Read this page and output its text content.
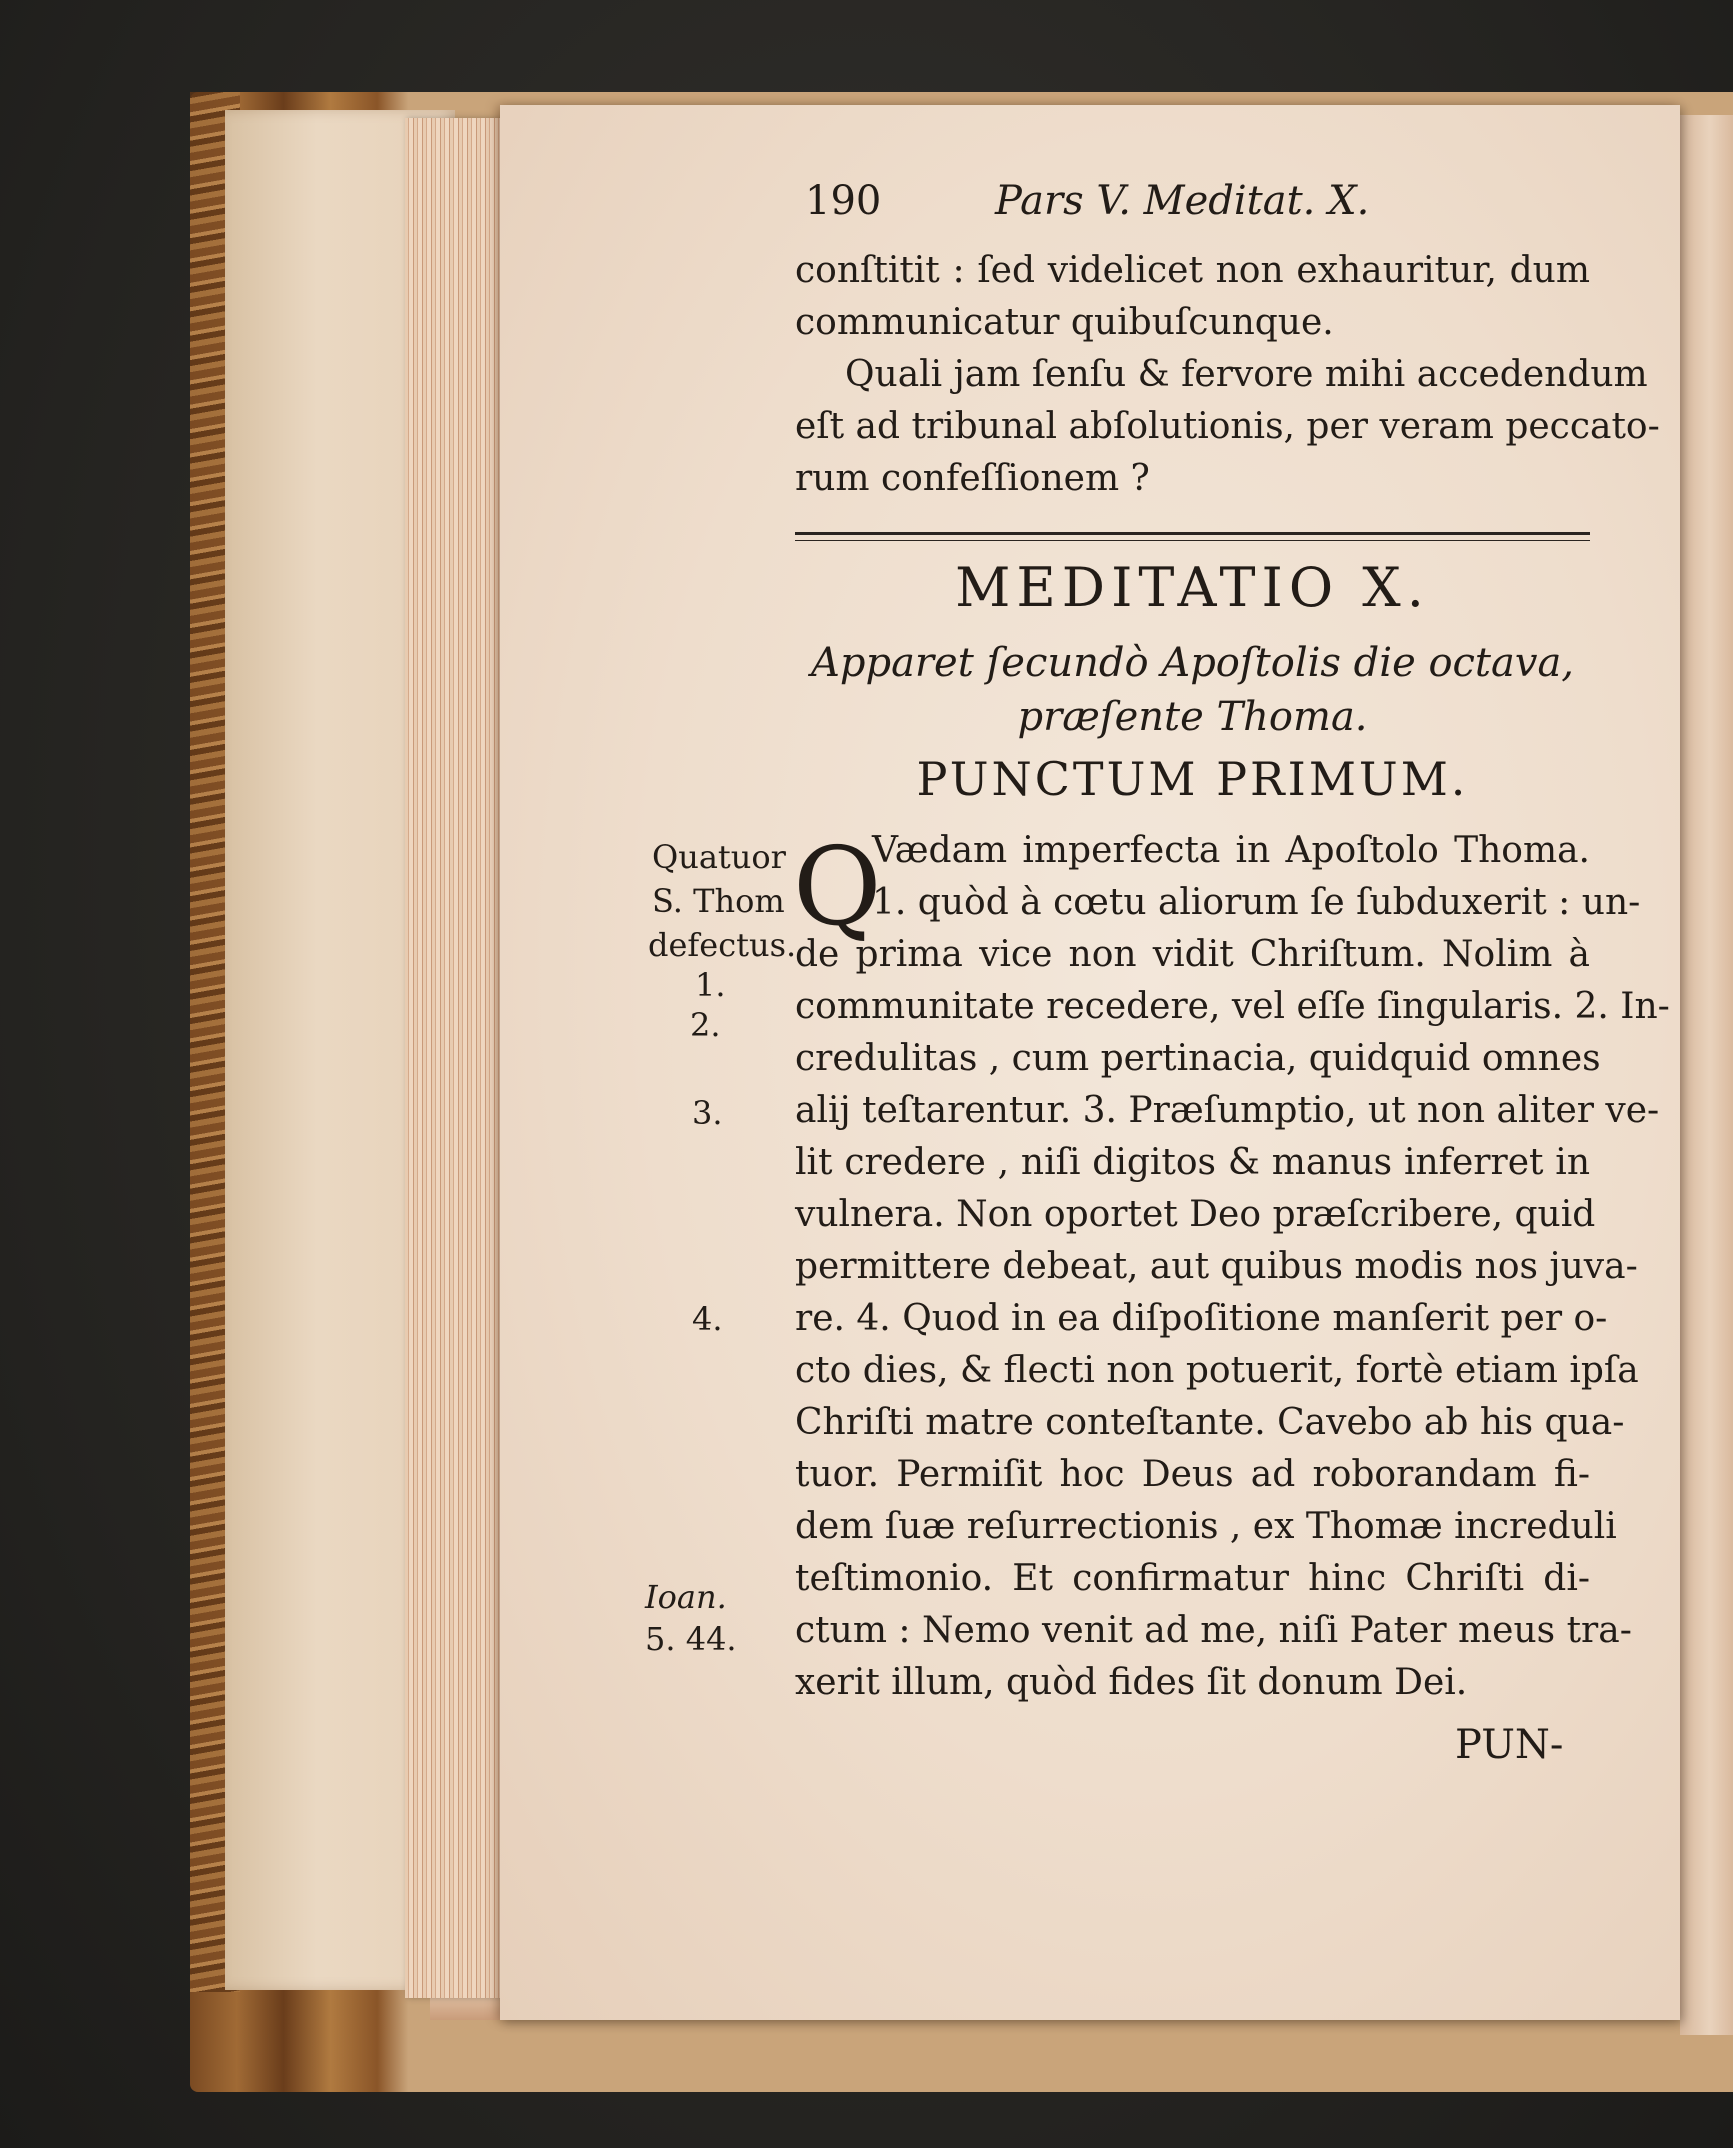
190	Pars V. Meditat. X.
conſtitit : ſed videlicet non exhauritur, dum
communicatur quibuſcunque.
Quali jam ſenſu & fervore mihi accedendum
eſt ad tribunal abſolutionis, per veram peccato-
rum confeſſionem ?
MEDITATIO X.
Apparet ſecundò Apoſtolis die octava,
præſente Thoma.
PUNCTUM PRIMUM.
Q
Vædam imperfecta in Apoſtolo Thoma.
1. quòd à cœtu aliorum ſe ſubduxerit : un-
de prima vice non vidit Chriſtum. Nolim à
communitate recedere, vel eſſe ſingularis. 2. In-
credulitas , cum pertinacia, quidquid omnes
alij teſtarentur. 3. Præſumptio, ut non aliter ve-
lit credere , niſi digitos & manus inferret in
vulnera. Non oportet Deo præſcribere, quid
permittere debeat, aut quibus modis nos juva-
re. 4. Quod in ea diſpoſitione manſerit per o-
cto dies, & flecti non potuerit, fortè etiam ipſa
Chriſti matre conteſtante. Cavebo ab his qua-
tuor. Permiſit hoc Deus ad roborandam fi-
dem ſuæ reſurrectionis , ex Thomæ increduli
teſtimonio. Et confirmatur hinc Chriſti di-
ctum : Nemo venit ad me, niſi Pater meus tra-
xerit illum, quòd fides ſit donum Dei.
Quatuor
S. Thom
defectus.
1.
2.
3.
4.
Ioan.
5. 44.
PUN-
